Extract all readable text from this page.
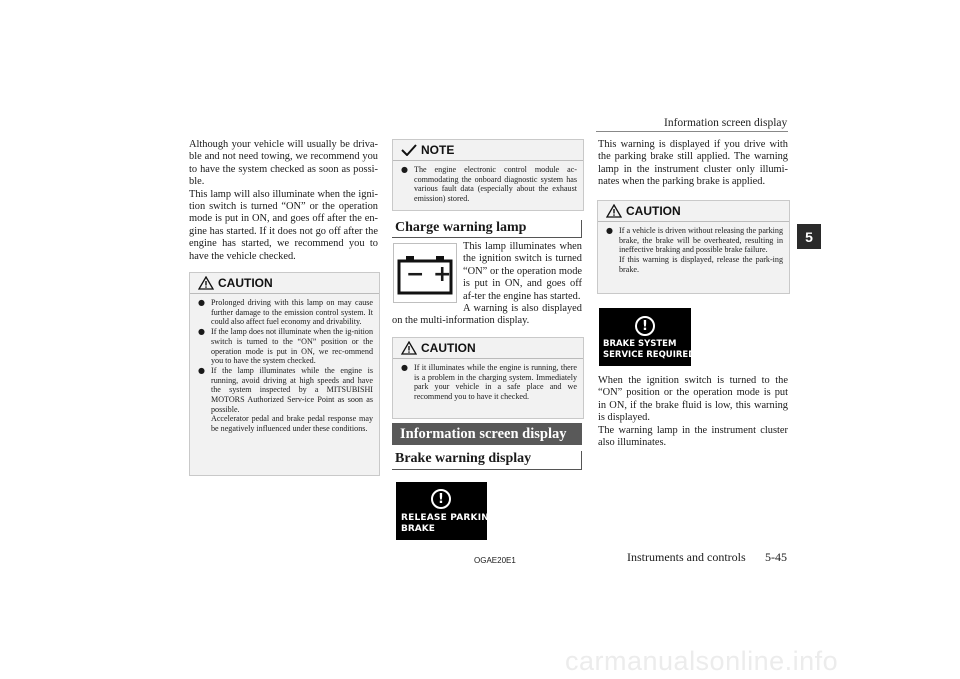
Information screen display
5

Although your vehicle will usually be driva-ble and not need towing, we recommend you to have the system checked as soon as possi-ble.

This lamp will also illuminate when the igni-tion switch is turned “ON” or the operation mode is put in ON, and goes off after the en-gine has started. If it does not go off after the engine has started, we recommend you to have the vehicle checked.

CAUTION
● Prolonged driving with this lamp on may cause further damage to the emission control system. It could also affect fuel economy and drivability.
● If the lamp does not illuminate when the ig-nition switch is turned to the “ON” position or the operation mode is put in ON, we rec-ommend you to have the system checked.
● If the lamp illuminates while the engine is running, avoid driving at high speeds and have the system inspected by a MITSUBISHI MOTORS Authorized Serv-ice Point as soon as possible.
Accelerator pedal and brake pedal response may be negatively influenced under these conditions.
NOTE
● The engine electronic control module ac-commodating the onboard diagnostic system has various fault data (especially about the exhaust emission) stored.
Charge warning lamp
− +

This lamp illuminates when the ignition switch is turned “ON” or the operation mode is put in ON, and goes off af-ter the engine has started.

A warning is also displayed on the multi-information display.

CAUTION
● If it illuminates while the engine is running, there is a problem in the charging system. Immediately park your vehicle in a safe place and we recommend you to have it checked.
Information screen display
Brake warning display
!
RELEASE PARKING
BRAKE
OGAE20E1

This warning is displayed if you drive with the parking brake still applied. The warning lamp in the instrument cluster only illumi-nates when the parking brake is applied.

CAUTION
● If a vehicle is driven without releasing the parking brake, the brake will be overheated, resulting in ineffective braking and possible brake failure.
If this warning is displayed, release the park-ing brake.
!
BRAKE SYSTEM
SERVICE REQUIRED

When the ignition switch is turned to the “ON” position or the operation mode is put in ON, if the brake fluid is low, this warning is displayed.

The warning lamp in the instrument cluster also illuminates.

Instruments and controls 5-45
carmanualsonline.info
